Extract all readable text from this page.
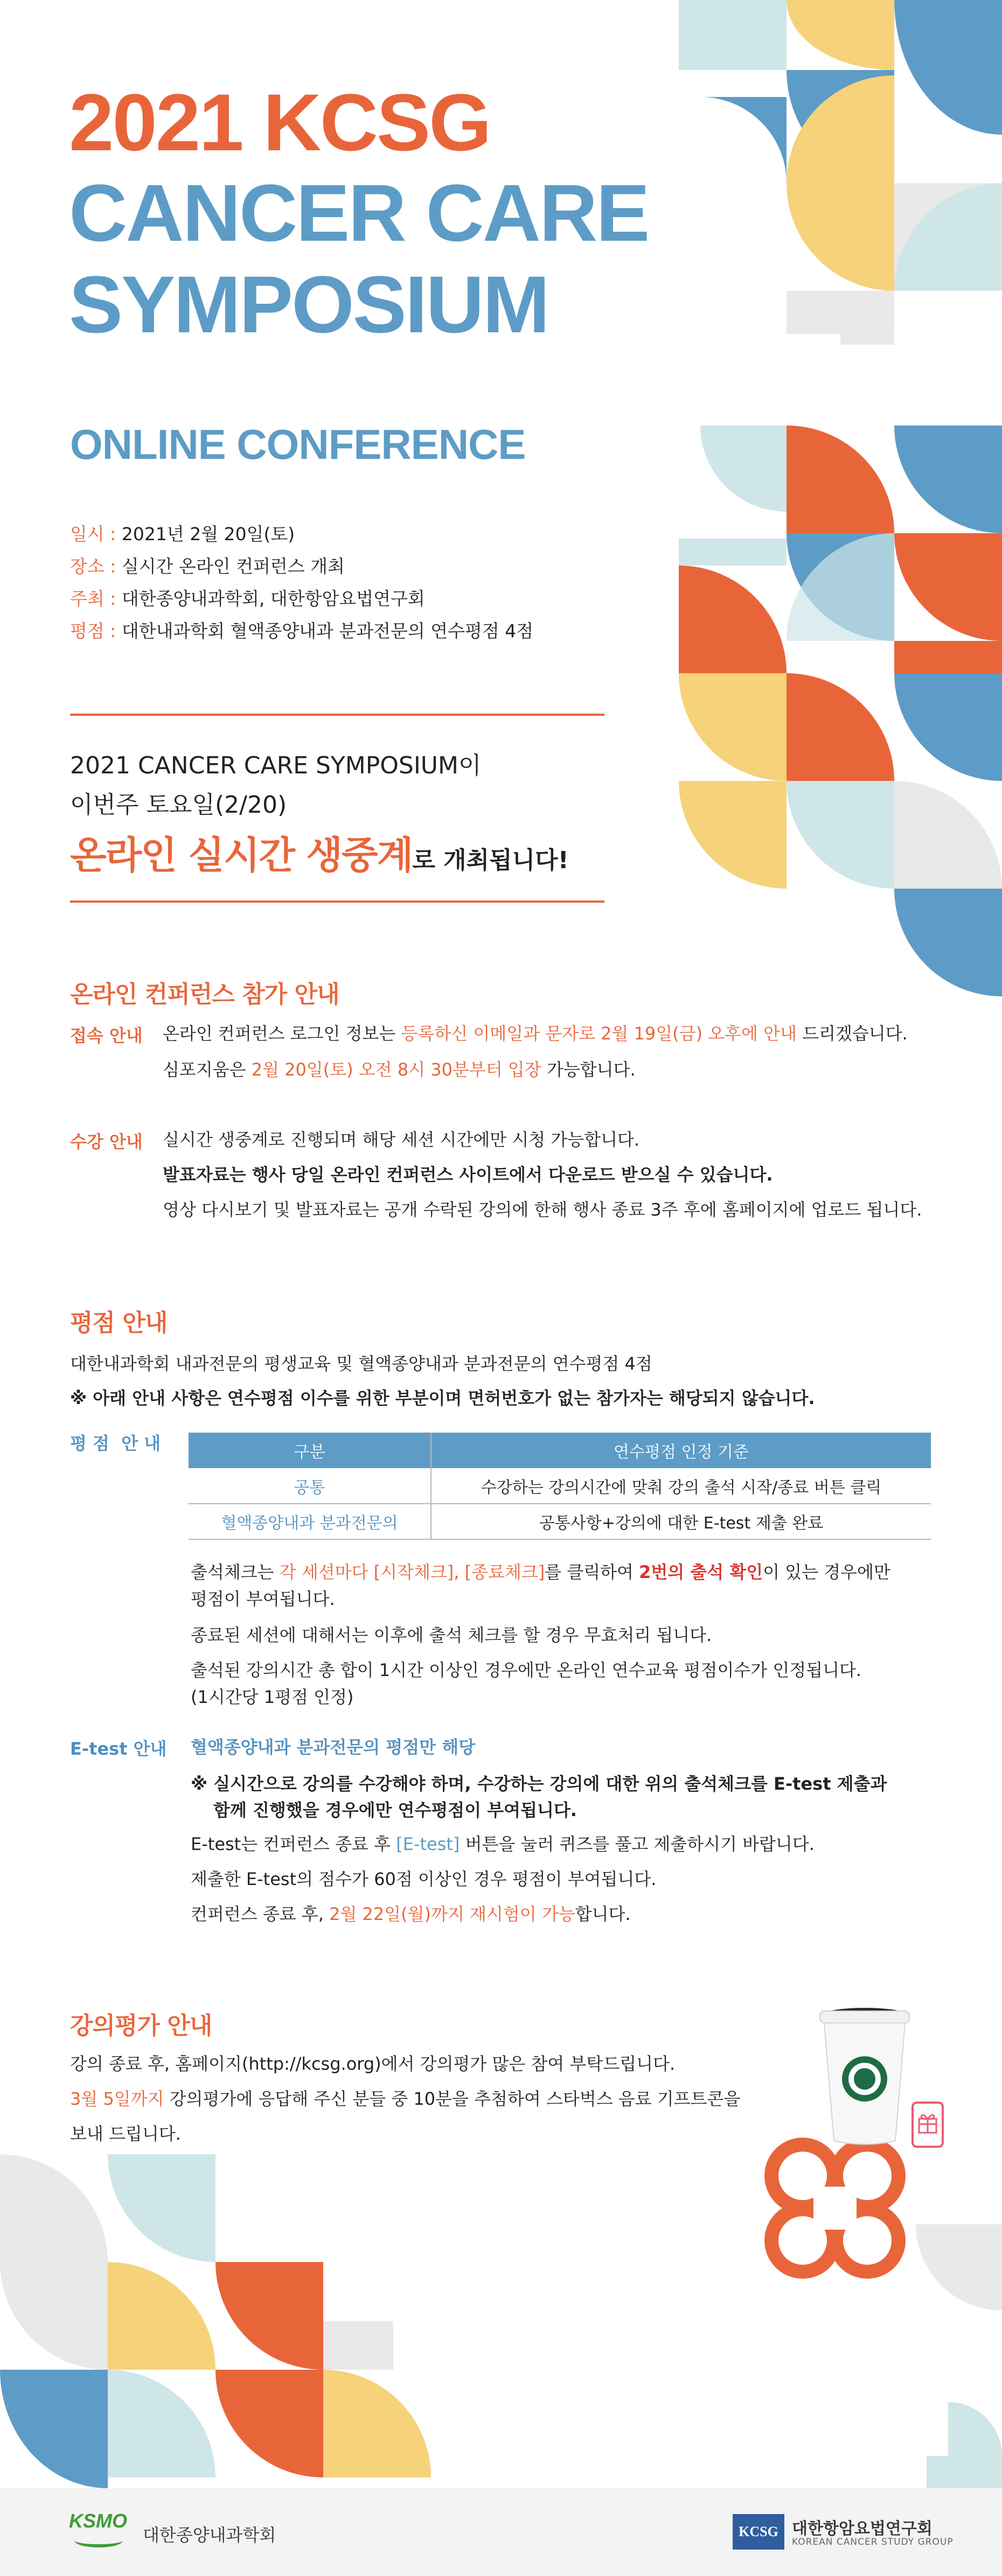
2021 KCSG
CANCER CARE
SYMPOSIUM
ONLINE CONFERENCE
일시 : 2021년 2월 20일(토)
장소 : 실시간 온라인 컨퍼런스 개최
주최 : 대한종양내과학회, 대한항암요법연구회
평점 : 대한내과학회 혈액종양내과 분과전문의 연수평점 4점
2021 CANCER CARE SYMPOSIUM이
이번주 토요일(2/20)
온라인 실시간 생중계로 개최됩니다!
온라인 컨퍼런스 참가 안내
접속 안내 온라인 컨퍼런스 로그인 정보는 등록하신 이메일과 문자로 2월 19일(금) 오후에 안내 드리겠습니다.
심포지움은 2월 20일(토) 오전 8시 30분부터 입장 가능합니다.
수강 안내 실시간 생중계로 진행되며 해당 세션 시간에만 시청 가능합니다.
발표자료는 행사 당일 온라인 컨퍼런스 사이트에서 다운로드 받으실 수 있습니다.
영상 다시보기 및 발표자료는 공개 수락된 강의에 한해 행사 종료 3주 후에 홈페이지에 업로드 됩니다.
평점 안내
대한내과학회 내과전문의 평생교육 및 혈액종양내과 분과전문의 연수평점 4점
※ 아래 안내 사항은 연수평점 이수를 위한 부분이며 면허번호가 없는 참가자는 해당되지 않습니다.
평 점  안 내	구분	연수평점 인정 기준
공통	수강하는 강의시간에 맞춰 강의 출석 시작/종료 버튼 클릭
혈액종양내과 분과전문의	공통사항+강의에 대한 E-test 제출 완료
출석체크는 각 세션마다 [시작체크], [종료체크]를 클릭하여 2번의 출석 확인이 있는 경우에만
평점이 부여됩니다.
종료된 세션에 대해서는 이후에 출석 체크를 할 경우 무효처리 됩니다.
출석된 강의시간 총 합이 1시간 이상인 경우에만 온라인 연수교육 평점이수가 인정됩니다.
(1시간당 1평점 인정)
E-test 안내 혈액종양내과 분과전문의 평점만 해당
※ 실시간으로 강의를 수강해야 하며, 수강하는 강의에 대한 위의 출석체크를 E-test 제출과
함께 진행했을 경우에만 연수평점이 부여됩니다.
E-test는 컨퍼런스 종료 후 [E-test] 버튼을 눌러 퀴즈를 풀고 제출하시기 바랍니다.
제출한 E-test의 점수가 60점 이상인 경우 평점이 부여됩니다.
컨퍼런스 종료 후, 2월 22일(월)까지 재시험이 가능합니다.
강의평가 안내
강의 종료 후, 홈페이지(http://kcsg.org)에서 강의평가 많은 참여 부탁드립니다.
3월 5일까지 강의평가에 응답해 주신 분들 중 10분을 추첨하여 스타벅스 음료 기프트콘을
보내 드립니다.
KSMO
대한종양내과학회	KCSG 대한항암요법연구회
KOREAN CANCER STUDY GROUP
